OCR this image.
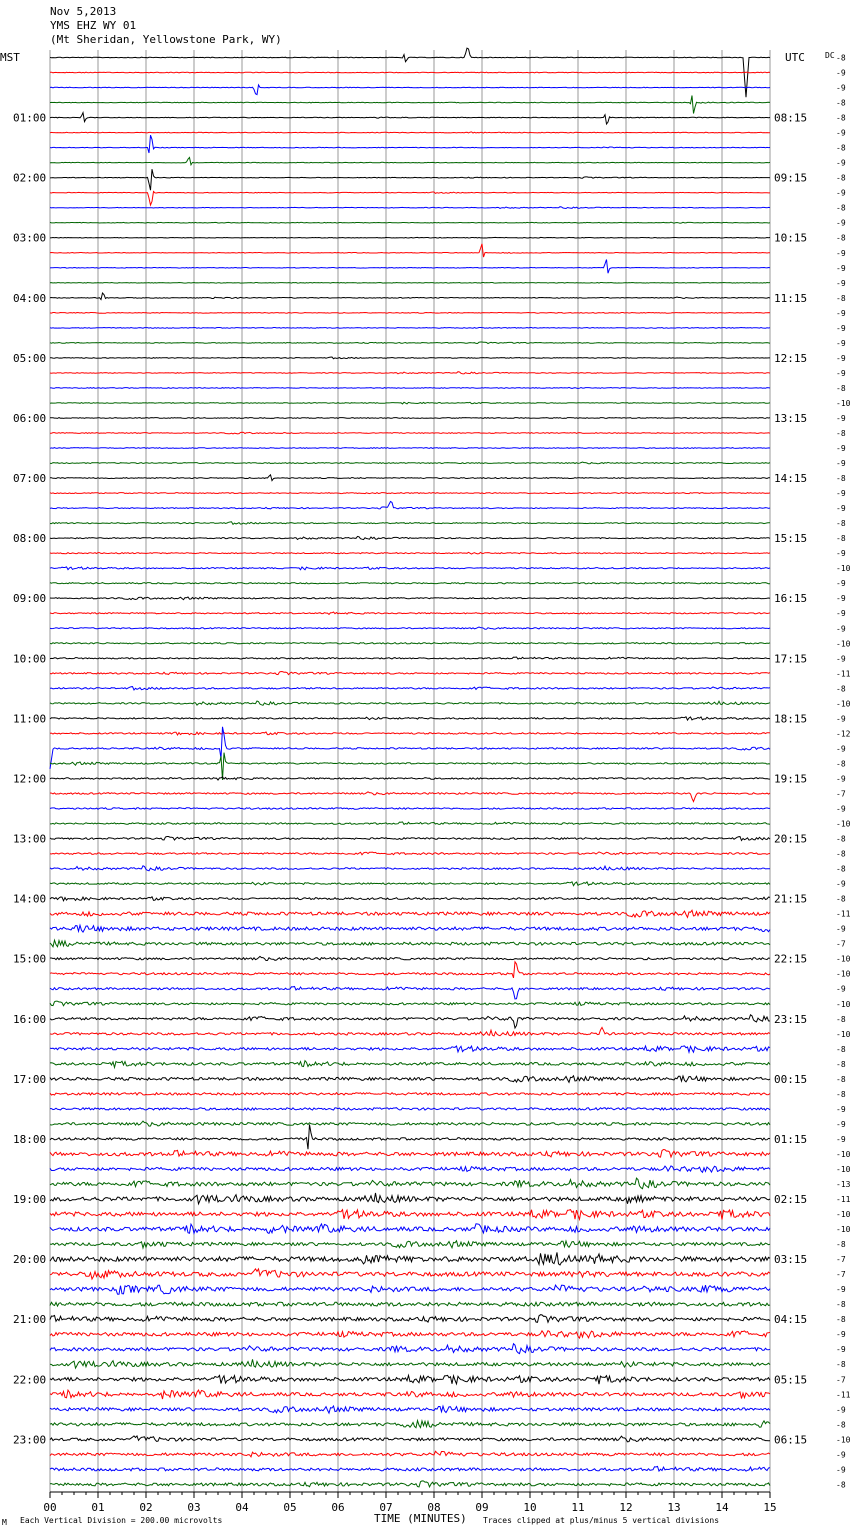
Nov 5,2013
YMS EHZ WY 01
(Mt Sheridan, Yellowstone Park, WY)
MST	UTC	DC -8
-9
-9
-8
-8
01:00	08:15
-9
-8
-9
-8
02:00	09:15
-9
-8
-9
-8
03:00	10:15
-9
-9
-9
-8
04:00	11:15
-9
-9
-9
-9
05:00	12:15
-9
-8
-10
-9
06:00	13:15
-8
-9
-9
-8
07:00	14:15
-9
-9
-8
-8
08:00	15:15
-9
-10
-9
-9
09:00	16:15
-9
-9
-10
-9
10:00	17:15
-11
-8
-10
-9
11:00	18:15
-12
-9
-8
-9
12:00	19:15
-7
-9
-10
-8
13:00	20:15
-8
-8
-9
-8
14:00	21:15
-11
-9
-7
-10
15:00	22:15
-10
-9
-10
-8
16:00	23:15
-10
-8
-8
-8
17:00	00:15
-8
-9
-9
-9
18:00	01:15
-10
-10
-13
-11
19:00	02:15
-10
-10
-8
-7
20:00	03:15
-7
-9
-8
-8
21:00	04:15
-9
-9
-8
-7
22:00	05:15
-11
-9
-8
-10
23:00	06:15
-9
-9
-8
00	01	02	03	04	05	06	07	08	09	10	11	12	13	14	15
M Each Vertical Division = 200.00 microvolts	TIME (MINUTES) Traces clipped at plus/minus 5 vertical divisions
